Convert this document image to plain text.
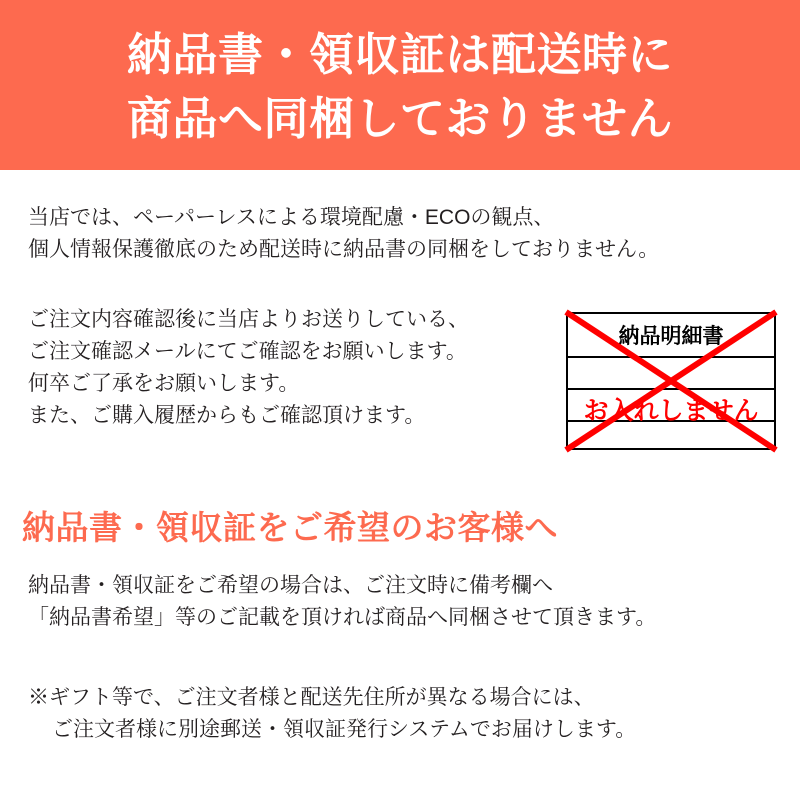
納品書・領収証は配送時に
商品へ同梱しておりません
当店では、ペーパーレスによる環境配慮・ECOの観点、
個人情報保護徹底のため配送時に納品書の同梱をしておりません。
ご注文内容確認後に当店よりお送りしている、
ご注文確認メールにてご確認をお願いします。
何卒ご了承をお願いします。
また、ご購入履歴からもご確認頂けます。
納品明細書
お入れしません
納品書・領収証をご希望のお客様へ
納品書・領収証をご希望の場合は、ご注文時に備考欄へ
「納品書希望」等のご記載を頂ければ商品へ同梱させて頂きます。
※ギフト等で、ご注文者様と配送先住所が異なる場合には、
ご注文者様に別途郵送・領収証発行システムでお届けします。
